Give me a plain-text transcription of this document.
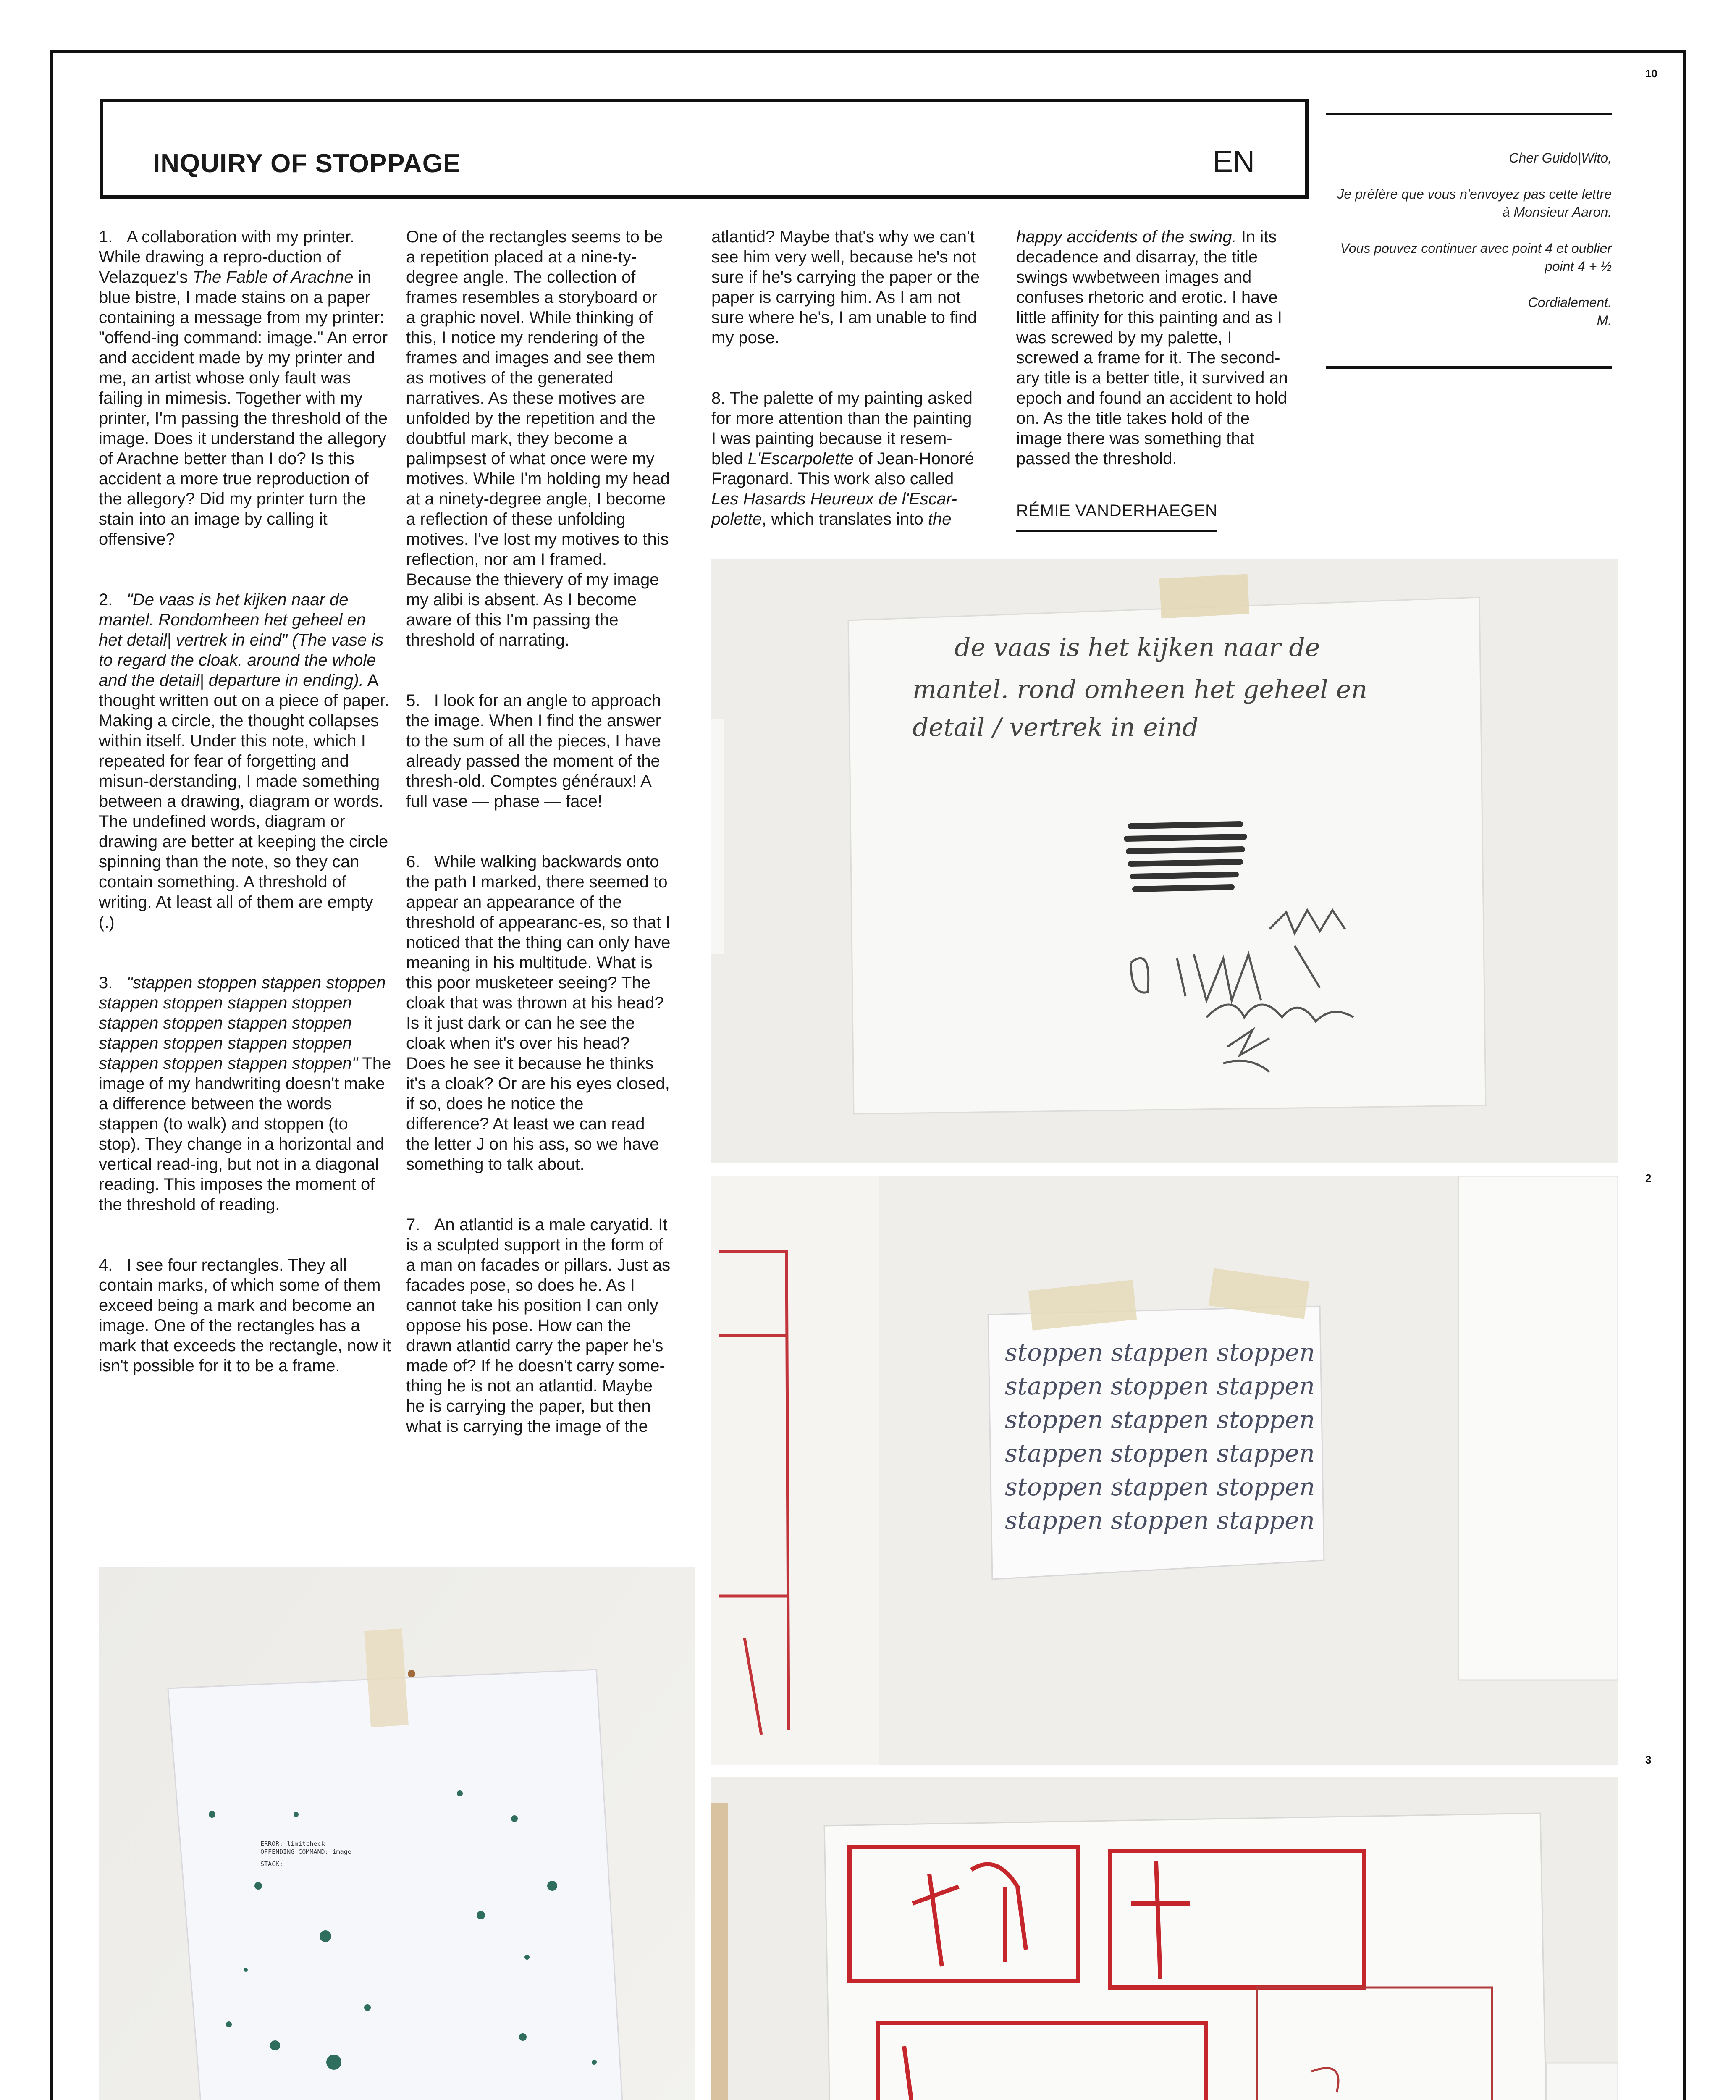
10
INQUIRY OF STOPPAGE	EN	Cher Guido|Wito,

Je préfère que vous n'envoyez pas cette lettre à Monsieur Aaron.

Vous pouvez continuer avec point 4 et oublier point 4 + ½

Cordialement.

M.

1. A collaboration with my printer. While drawing a repro-duction of Velazquez's The Fable of Arachne in blue bistre, I made stains on a paper containing a message from my printer: "offend-ing command: image." An error and accident made by my printer and me, an artist whose only fault was failing in mimesis. Together with my printer, I'm passing the threshold of the image. Does it understand the allegory of Arachne better than I do? Is this accident a more true reproduction of the allegory? Did my printer turn the stain into an image by calling it offensive?

2. "De vaas is het kijken naar de mantel. Rondomheen het geheel en het detail| vertrek in eind" (The vase is to regard the cloak. around the whole and the detail| departure in ending). A thought written out on a piece of paper. Making a circle, the thought collapses within itself. Under this note, which I repeated for fear of forgetting and misun-derstanding, I made something between a drawing, diagram or words. The undefined words, diagram or drawing are better at keeping the circle spinning than the note, so they can contain something. A threshold of writing. At least all of them are empty (.)

3. "stappen stoppen stappen stoppen stappen stoppen stappen stoppen stappen stoppen stappen stoppen stappen stoppen stappen stoppen stappen stoppen stappen stoppen" The image of my handwriting doesn't make a difference between the words stappen (to walk) and stoppen (to stop). They change in a horizontal and vertical read-ing, but not in a diagonal reading. This imposes the moment of the threshold of reading.

4. I see four rectangles. They all contain marks, of which some of them exceed being a mark and become an image. One of the rectangles has a mark that exceeds the rectangle, now it isn't possible for it to be a frame.

One of the rectangles seems to be a repetition placed at a nine-ty-degree angle. The collection of frames resembles a storyboard or a graphic novel. While thinking of this, I notice my rendering of the frames and images and see them as motives of the generated narratives. As these motives are unfolded by the repetition and the doubtful mark, they become a palimpsest of what once were my motives. While I'm holding my head at a ninety-degree angle, I become a reflection of these unfolding motives. I've lost my motives to this reflection, nor am I framed. Because the thievery of my image my alibi is absent. As I become aware of this I'm passing the threshold of narrating.

5. I look for an angle to approach the image. When I find the answer to the sum of all the pieces, I have already passed the moment of the thresh-old. Comptes généraux! A full vase — phase — face!

6. While walking backwards onto the path I marked, there seemed to appear an appearance of the threshold of appearanc-es, so that I noticed that the thing can only have meaning in his multitude. What is this poor musketeer seeing? The cloak that was thrown at his head? Is it just dark or can he see the cloak when it's over his head? Does he see it because he thinks it's a cloak? Or are his eyes closed, if so, does he notice the difference? At least we can read the letter J on his ass, so we have something to talk about.

7. An atlantid is a male caryatid. It is a sculpted support in the form of a man on facades or pillars. Just as facades pose, so does he. As I cannot take his position I can only oppose his pose. How can the drawn atlantid carry the paper he's made of? If he doesn't carry some-thing he is not an atlantid. Maybe he is carrying the paper, but then what is carrying the image of the

atlantid? Maybe that's why we can't see him very well, because he's not sure if he's carrying the paper or the paper is carrying him. As I am not sure where he's, I am unable to find my pose.

8. The palette of my painting asked for more attention than the painting I was painting because it resem-bled L'Escarpolette of Jean-Honoré Fragonard. This work also called Les Hasards Heureux de l'Escar-polette, which translates into the

happy accidents of the swing. In its decadence and disarray, the title swings wwbetween images and confuses rhetoric and erotic. I have little affinity for this painting and as I was screwed by my palette, I screwed a frame for it. The second-ary title is a better title, it survived an epoch and found an accident to hold on. As the title takes hold of the image there was something that passed the threshold.

RÉMIE VANDERHAEGEN
ERROR: limitcheck
OFFENDING COMMAND: image
STACK:
de vaas is het kijken naar de
mantel. rond omheen het geheel en
detail / vertrek in eind
2
stoppen stappen stoppen
stappen stoppen stappen
stoppen stappen stoppen
stappen stoppen stappen
stoppen stappen stoppen
stappen stoppen stappen
3
